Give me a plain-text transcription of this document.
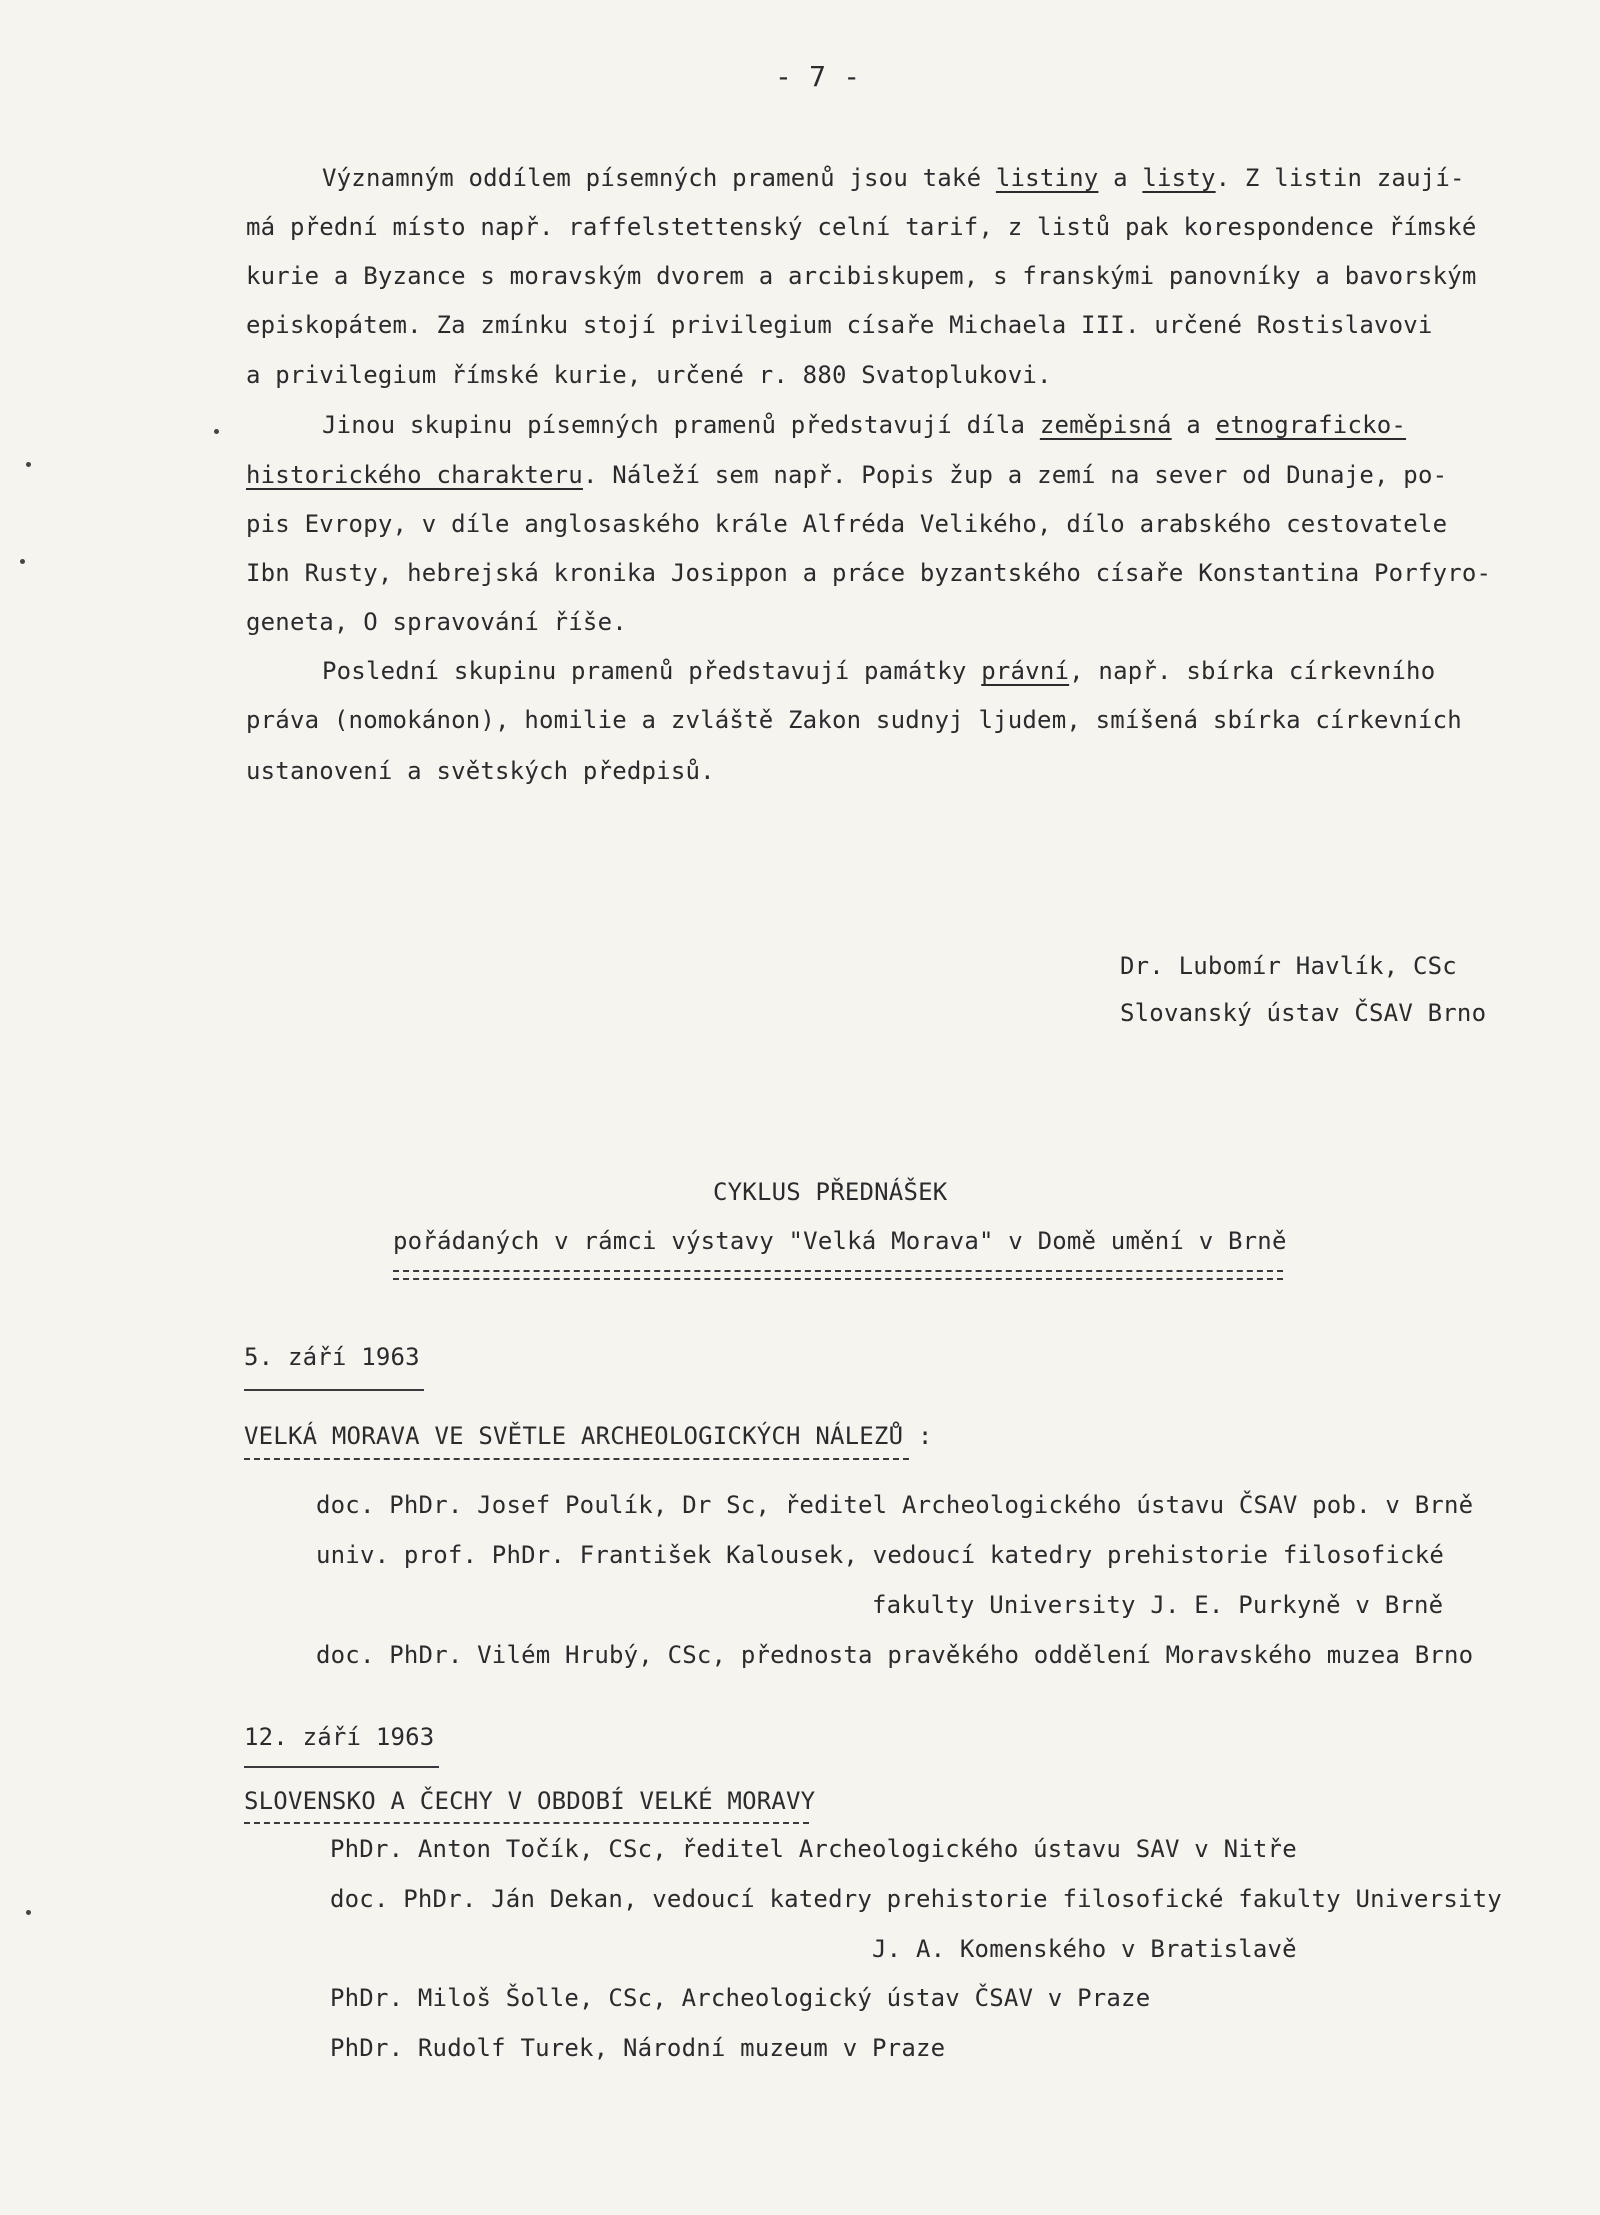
- 7 -
Významným oddílem písemných pramenů jsou také listiny a listy. Z listin zaují-
má přední místo např. raffelstettenský celní tarif, z listů pak korespondence římské
kurie a Byzance s moravským dvorem a arcibiskupem, s franskými panovníky a bavorským
episkopátem. Za zmínku stojí privilegium císaře Michaela III. určené Rostislavovi
a privilegium římské kurie, určené r. 880 Svatoplukovi.
Jinou skupinu písemných pramenů představují díla zeměpisná a etnograficko-
historického charakteru. Náleží sem např. Popis žup a zemí na sever od Dunaje, po-
pis Evropy, v díle anglosaského krále Alfréda Velikého, dílo arabského cestovatele
Ibn Rusty, hebrejská kronika Josippon a práce byzantského císaře Konstantina Porfyro-
geneta, O spravování říše.
Poslední skupinu pramenů představují památky právní, např. sbírka církevního
práva (nomokánon), homilie a zvláště Zakon sudnyj ljudem, smíšená sbírka církevních
ustanovení a světských předpisů.
Dr. Lubomír Havlík, CSc
Slovanský ústav ČSAV Brno
CYKLUS PŘEDNÁŠEK
pořádaných v rámci výstavy "Velká Morava" v Domě umění v Brně
5. září 1963
VELKÁ MORAVA VE SVĚTLE ARCHEOLOGICKÝCH NÁLEZŮ :
doc. PhDr. Josef Poulík, Dr Sc, ředitel Archeologického ústavu ČSAV pob. v Brně
univ. prof. PhDr. František Kalousek, vedoucí katedry prehistorie filosofické
fakulty University J. E. Purkyně v Brně
doc. PhDr. Vilém Hrubý, CSc, přednosta pravěkého oddělení Moravského muzea Brno
12. září 1963
SLOVENSKO A ČECHY V OBDOBÍ VELKÉ MORAVY
PhDr. Anton Točík, CSc, ředitel Archeologického ústavu SAV v Nitře
doc. PhDr. Ján Dekan, vedoucí katedry prehistorie filosofické fakulty University
J. A. Komenského v Bratislavě
PhDr. Miloš Šolle, CSc, Archeologický ústav ČSAV v Praze
PhDr. Rudolf Turek, Národní muzeum v Praze
